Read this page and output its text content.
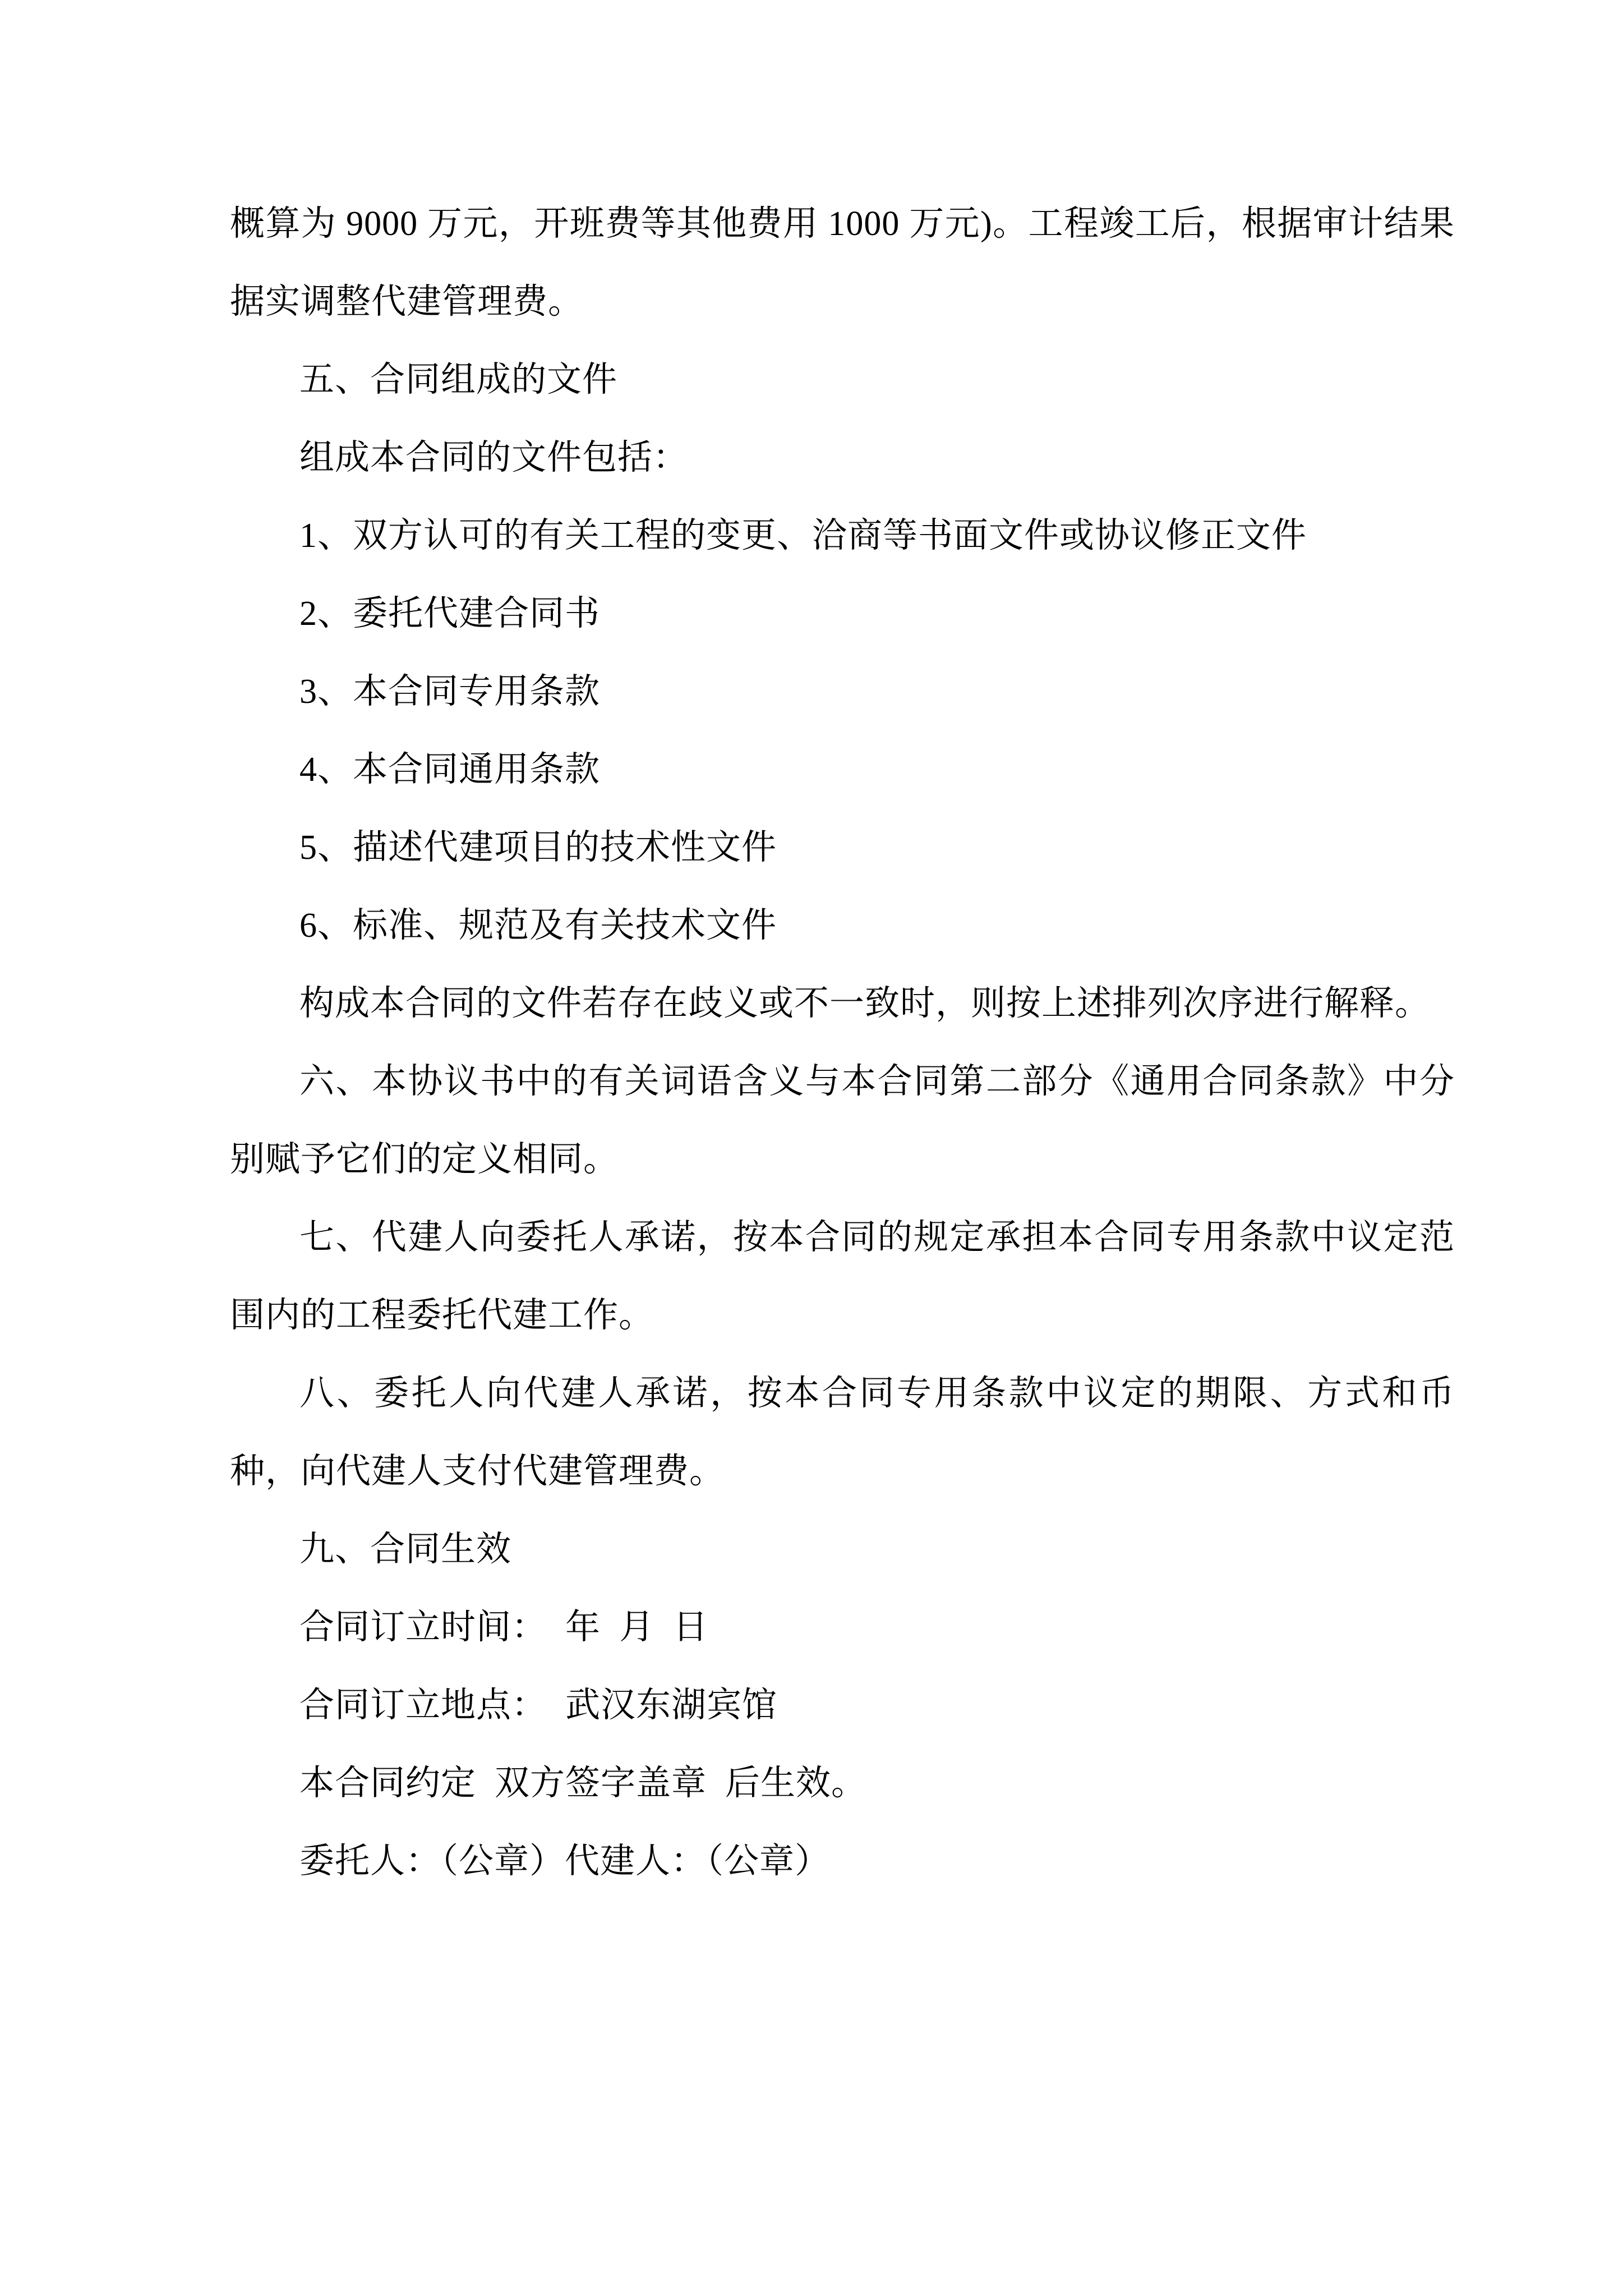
概算为 9000 万元，开班费等其他费用 1000 万元)。工程竣工后，根据审计结果据实调整代建管理费。

五、合同组成的文件

组成本合同的文件包括：

1、双方认可的有关工程的变更、洽商等书面文件或协议修正文件

2、委托代建合同书

3、本合同专用条款

4、本合同通用条款

5、描述代建项目的技术性文件

6、标准、规范及有关技术文件

构成本合同的文件若存在歧义或不一致时，则按上述排列次序进行解释。

六、本协议书中的有关词语含义与本合同第二部分《通用合同条款》中分别赋予它们的定义相同。

七、代建人向委托人承诺，按本合同的规定承担本合同专用条款中议定范围内的工程委托代建工作。

八、委托人向代建人承诺，按本合同专用条款中议定的期限、方式和币种，向代建人支付代建管理费。

九、合同生效

合同订立时间：  年  月  日

合同订立地点：  武汉东湖宾馆

本合同约定  双方签字盖章  后生效。

委托人：（公章）代建人：（公章）
